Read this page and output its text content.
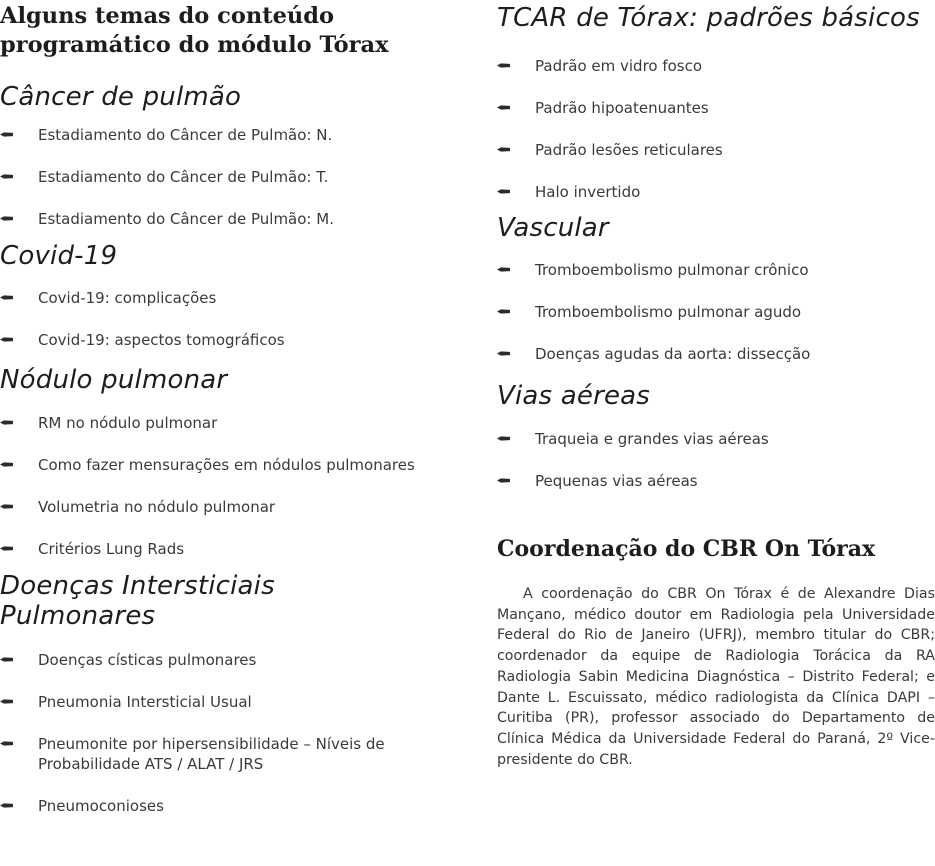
Alguns temas do conteúdo programático do módulo Tórax
Câncer de pulmão
Estadiamento do Câncer de Pulmão: N.
Estadiamento do Câncer de Pulmão: T.
Estadiamento do Câncer de Pulmão: M.
Covid-19
Covid-19: complicações
Covid-19: aspectos tomográficos
Nódulo pulmonar
RM no nódulo pulmonar
Como fazer mensurações em nódulos pulmonares
Volumetria no nódulo pulmonar
Critérios Lung Rads
Doenças Intersticiais Pulmonares
Doenças císticas pulmonares
Pneumonia Intersticial Usual
Pneumonite por hipersensibilidade – Níveis de Probabilidade ATS / ALAT / JRS
Pneumoconioses
TCAR de Tórax: padrões básicos
Padrão em vidro fosco
Padrão hipoatenuantes
Padrão lesões reticulares
Halo invertido
Vascular
Tromboembolismo pulmonar crônico
Tromboembolismo pulmonar agudo
Doenças agudas da aorta: dissecção
Vias aéreas
Traqueia e grandes vias aéreas
Pequenas vias aéreas
Coordenação do CBR On Tórax

A coordenação do CBR On Tórax é de Alexandre Dias Mançano, médico doutor em Radiologia pela Universidade Federal do Rio de Janeiro (UFRJ), membro titular do CBR; coordenador da equipe de Radiologia Torácica da RA Radiologia Sabin Medicina Diagnóstica – Distrito Federal; e Dante L. Escuissato, médico radiologista da Clínica DAPI – Curitiba (PR), professor associado do Departamento de Clínica Médica da Universidade Federal do Paraná, 2º Vice-presidente do CBR.
